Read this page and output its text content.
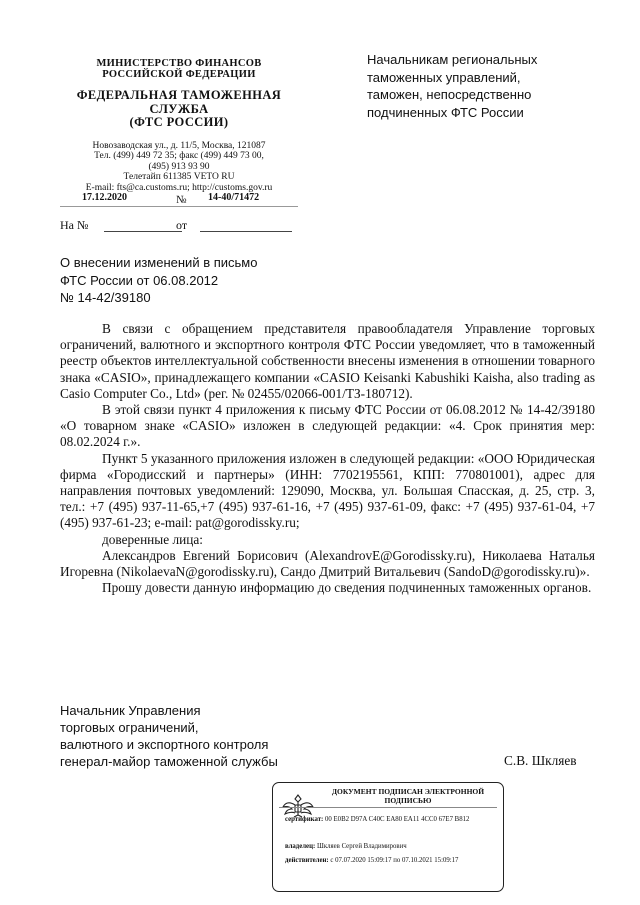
МИНИСТЕРСТВО ФИНАНСОВ РОССИЙСКОЙ ФЕДЕРАЦИИ
ФЕДЕРАЛЬНАЯ ТАМОЖЕННАЯ СЛУЖБА
(ФТС РОССИИ)
Новозаводская ул., д. 11/5, Москва, 121087
Тел. (499) 449 72 35; факс (499) 449 73 00,
(495) 913 93 90
Телетайп 611385 VETO RU
E-mail: fts@ca.customs.ru; http://customs.gov.ru
17.12.2020	№ 14-40/71472
На №	от
Начальникам региональных
таможенных управлений,
таможен, непосредственно
подчиненных ФТС России
О внесении изменений в письмо
ФТС России от 06.08.2012
№ 14-42/39180

В связи с обращением представителя правообладателя Управление торговых ограничений, валютного и экспортного контроля ФТС России уведомляет, что в таможенный реестр объектов интеллектуальной собственности внесены изменения в отношении товарного знака «CASIO», принадлежащего компании «CASIO Keisanki Kabushiki Kaisha, also trading as Casio Computer Co., Ltd» (рег. № 02455/02066-001/ТЗ-180712).

В этой связи пункт 4 приложения к письму ФТС России от 06.08.2012 № 14-42/39180 «О товарном знаке «CASIO» изложен в следующей редакции: «4. Срок принятия мер: 08.02.2024 г.».

Пункт 5 указанного приложения изложен в следующей редакции: «ООО Юридическая фирма «Городисский и партнеры» (ИНН: 7702195561, КПП: 770801001), адрес для направления почтовых уведомлений: 129090, Москва, ул. Большая Спасская, д. 25, стр. 3, тел.: +7 (495) 937-11-65,+7 (495) 937-61-16, +7 (495) 937-61-09, факс: +7 (495) 937-61-04, +7 (495) 937-61-23; e-mail: pat@gorodissky.ru;

доверенные лица:

Александров Евгений Борисович (AlexandrovE@Gorodissky.ru), Николаева Наталья Игоревна (NikolaevaN@gorodissky.ru), Сандо Дмитрий Витальевич (SandoD@gorodissky.ru)».

Прошу довести данную информацию до сведения подчиненных таможенных органов.

Начальник Управления
торговых ограничений,
валютного и экспортного контроля
генерал-майор таможенной службы	С.В. Шкляев
ДОКУМЕНТ ПОДПИСАН ЭЛЕКТРОННОЙ ПОДПИСЬЮ
сертификат: 00 E0B2 D97A C40C EA80 EA11 4CC0 67E7 B812
владелец: Шкляев Сергей Владимирович
действителен: с 07.07.2020 15:09:17 по 07.10.2021 15:09:17
